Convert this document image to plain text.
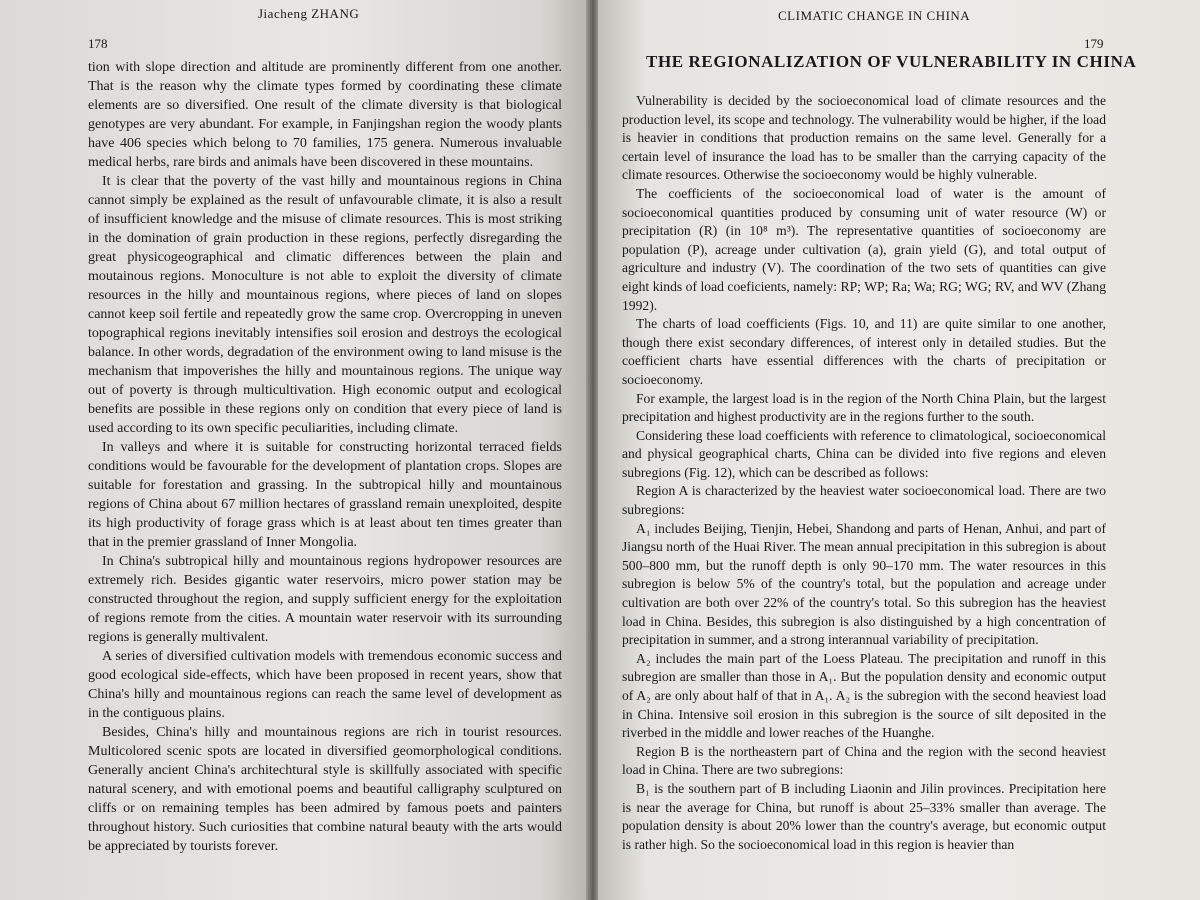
Jiacheng ZHANG
178

tion with slope direction and altitude are prominently different from one another. That is the reason why the climate types formed by coordinating these climate elements are so diversified. One result of the climate diversity is that biological genotypes are very abundant. For example, in Fanjingshan region the woody plants have 406 species which belong to 70 families, 175 genera. Numerous invaluable medical herbs, rare birds and animals have been discovered in these mountains.

It is clear that the poverty of the vast hilly and mountainous regions in China cannot simply be explained as the result of unfavourable climate, it is also a result of insufficient knowledge and the misuse of climate resources. This is most striking in the domination of grain production in these regions, perfectly disregarding the great physicogeographical and climatic differences between the plain and moutainous regions. Monoculture is not able to exploit the diversity of climate resources in the hilly and mountainous regions, where pieces of land on slopes cannot keep soil fertile and repeatedly grow the same crop. Overcropping in uneven topographical regions inevitably intensifies soil erosion and destroys the ecological balance. In other words, degradation of the environment owing to land misuse is the mechanism that impoverishes the hilly and mountainous regions. The unique way out of poverty is through multicultivation. High economic output and ecological benefits are possible in these regions only on condition that every piece of land is used according to its own specific peculiarities, including climate.

In valleys and where it is suitable for constructing horizontal terraced fields conditions would be favourable for the development of plantation crops. Slopes are suitable for forestation and grassing. In the subtropical hilly and mountainous regions of China about 67 million hectares of grassland remain unexploited, despite its high productivity of forage grass which is at least about ten times greater than that in the premier grassland of Inner Mongolia.

In China's subtropical hilly and mountainous regions hydropower resources are extremely rich. Besides gigantic water reservoirs, micro power station may be constructed throughout the region, and supply sufficient energy for the exploitation of regions remote from the cities. A mountain water reservoir with its surrounding regions is generally multivalent.

A series of diversified cultivation models with tremendous economic success and good ecological side-effects, which have been proposed in recent years, show that China's hilly and mountainous regions can reach the same level of development as in the contiguous plains.

Besides, China's hilly and mountainous regions are rich in tourist resources. Multicolored scenic spots are located in diversified geomorphological conditions. Generally ancient China's architechtural style is skillfully associated with specific natural scenery, and with emotional poems and beautiful calligraphy sculptured on cliffs or on remaining temples has been admired by famous poets and painters throughout history. Such curiosities that combine natural beauty with the arts would be appreciated by tourists forever.

CLIMATIC CHANGE IN CHINA
179
THE REGIONALIZATION OF VULNERABILITY IN CHINA

Vulnerability is decided by the socioeconomical load of climate resources and the production level, its scope and technology. The vulnerability would be higher, if the load is heavier in conditions that production remains on the same level. Generally for a certain level of insurance the load has to be smaller than the carrying capacity of the climate resources. Otherwise the socioeconomy would be highly vulnerable.

The coefficients of the socioeconomical load of water is the amount of socioeconomical quantities produced by consuming unit of water resource (W) or precipitation (R) (in 10⁸ m³). The representative quantities of socioeconomy are population (P), acreage under cultivation (a), grain yield (G), and total output of agriculture and industry (V). The coordination of the two sets of quantities can give eight kinds of load coeficients, namely: RP; WP; Ra; Wa; RG; WG; RV, and WV (Zhang 1992).

The charts of load coefficients (Figs. 10, and 11) are quite similar to one another, though there exist secondary differences, of interest only in detailed studies. But the coefficient charts have essential differences with the charts of precipitation or socioeconomy.

For example, the largest load is in the region of the North China Plain, but the largest precipitation and highest productivity are in the regions further to the south.

Considering these load coefficients with reference to climatological, socioeconomical and physical geographical charts, China can be divided into five regions and eleven subregions (Fig. 12), which can be described as follows:

Region A is characterized by the heaviest water socioeconomical load. There are two subregions:

A₁ includes Beijing, Tienjin, Hebei, Shandong and parts of Henan, Anhui, and part of Jiangsu north of the Huai River. The mean annual precipitation in this subregion is about 500–800 mm, but the runoff depth is only 90–170 mm. The water resources in this subregion is below 5% of the country's total, but the population and acreage under cultivation are both over 22% of the country's total. So this subregion has the heaviest load in China. Besides, this subregion is also distinguished by a high concentration of precipitation in summer, and a strong interannual variability of precipitation.

A₂ includes the main part of the Loess Plateau. The precipitation and runoff in this subregion are smaller than those in A₁. But the population density and economic output of A₂ are only about half of that in A₁. A₂ is the subregion with the second heaviest load in China. Intensive soil erosion in this subregion is the source of silt deposited in the riverbed in the middle and lower reaches of the Huanghe.

Region B is the northeastern part of China and the region with the second heaviest load in China. There are two subregions:

B₁ is the southern part of B including Liaonin and Jilin provinces. Precipitation here is near the average for China, but runoff is about 25–33% smaller than average. The population density is about 20% lower than the country's average, but economic output is rather high. So the socioeconomical load in this region is heavier than
